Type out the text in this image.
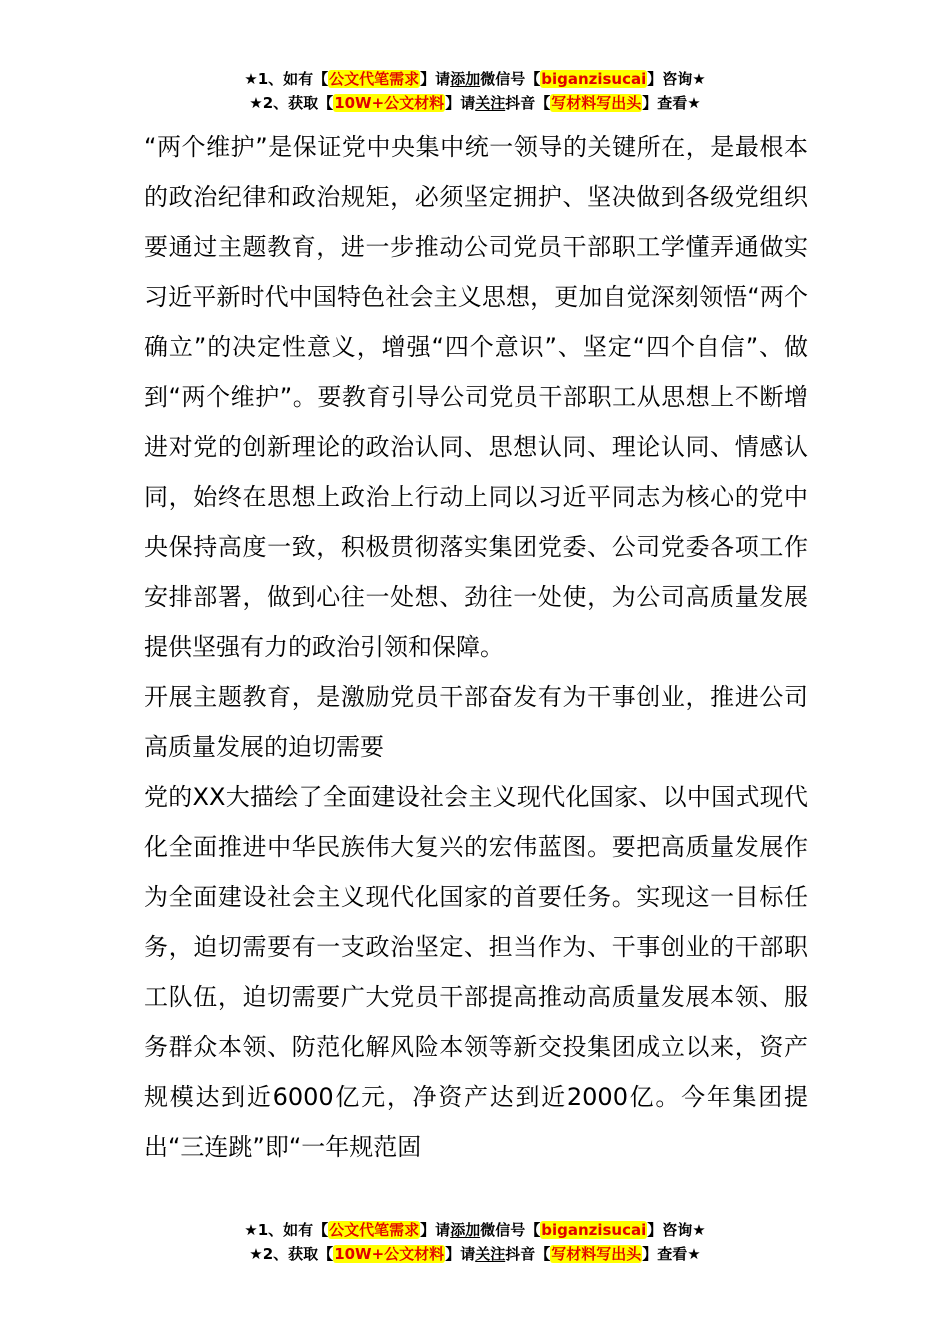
★1、如有【公文代笔需求】请添加微信号【biganzisucai】咨询★
★2、获取【10W+公文材料】请关注抖音【写材料写出头】查看★

“两个维护”是保证党中央集中统一领导的关键所在，是最根本的政治纪律和政治规矩，必须坚定拥护、坚决做到各级党组织要通过主题教育，进一步推动公司党员干部职工学懂弄通做实习近平新时代中国特色社会主义思想，更加自觉深刻领悟“两个确立”的决定性意义，增强“四个意识”、坚定“四个自信”、做到“两个维护”。要教育引导公司党员干部职工从思想上不断增进对党的创新理论的政治认同、思想认同、理论认同、情感认同，始终在思想上政治上行动上同以习近平同志为核心的党中央保持高度一致，积极贯彻落实集团党委、公司党委各项工作安排部署，做到心往一处想、劲往一处使，为公司高质量发展提供坚强有力的政治引领和保障。

开展主题教育，是激励党员干部奋发有为干事创业，推进公司高质量发展的迫切需要

党的XX大描绘了全面建设社会主义现代化国家、以中国式现代化全面推进中华民族伟大复兴的宏伟蓝图。要把高质量发展作为全面建设社会主义现代化国家的首要任务。实现这一目标任务，迫切需要有一支政治坚定、担当作为、干事创业的干部职工队伍，迫切需要广大党员干部提高推动高质量发展本领、服务群众本领、防范化解风险本领等新交投集团成立以来，资产规模达到近6000亿元，净资产达到近2000亿。今年集团提出“三连跳”即“一年规范固

★1、如有【公文代笔需求】请添加微信号【biganzisucai】咨询★
★2、获取【10W+公文材料】请关注抖音【写材料写出头】查看★
